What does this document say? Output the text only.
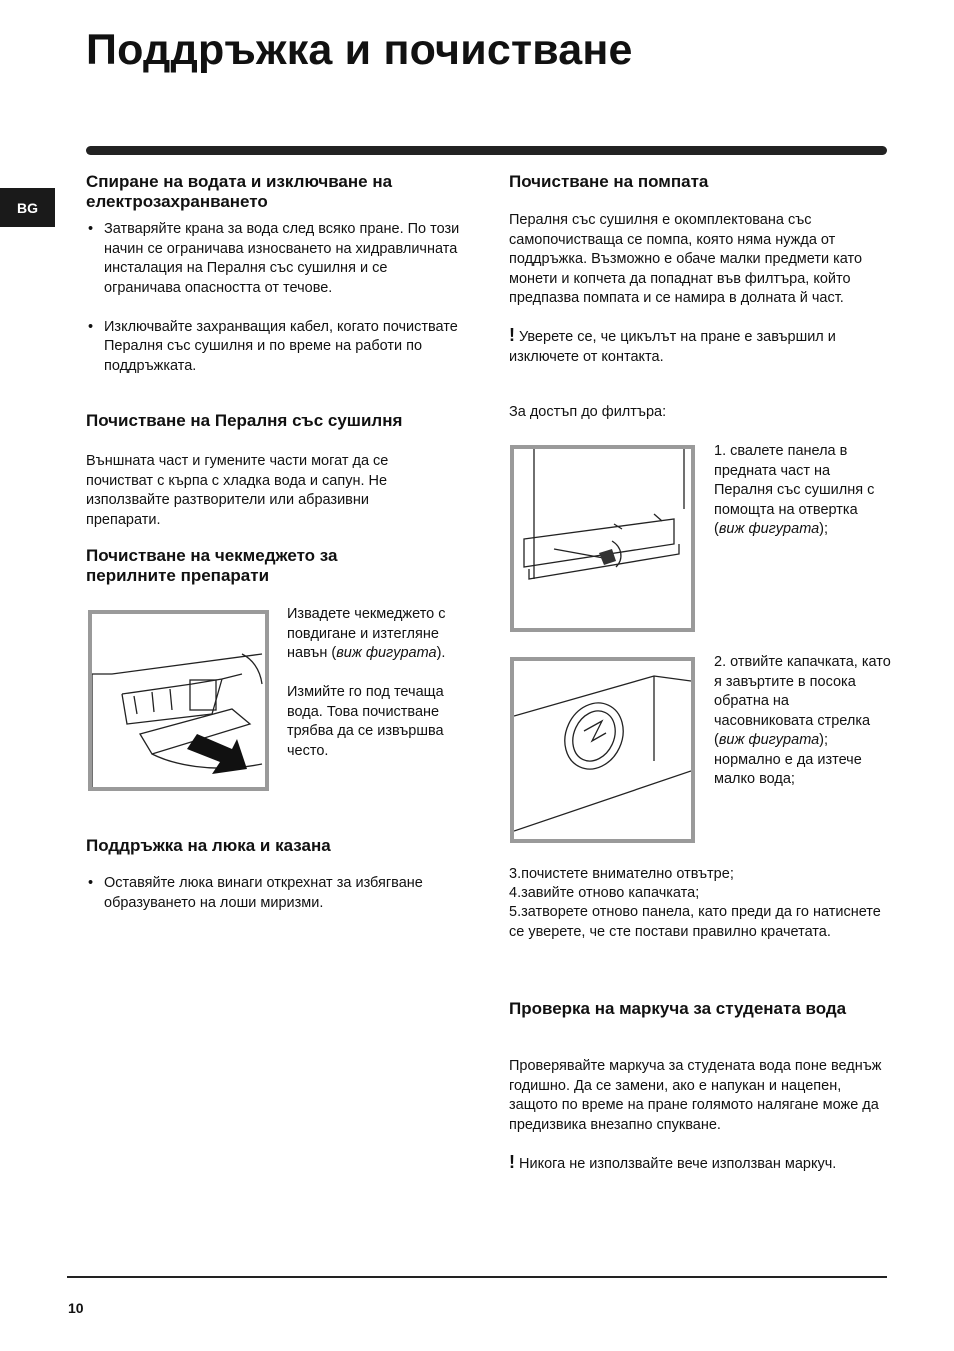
Поддръжка и почистване
BG
Спиране на водата и изключване на електрозахранването
• Затваряйте крана за вода след всяко пране. По този начин се ограничава износването на хидравличната инсталация на Пералня със сушилня и се ограничава опасността от течове.
• Изключвайте захранващия кабел, когато почиствате Пералня със сушилня и по време на работи по поддръжката.
Почистване на Пералня със сушилня

Външната част и гумените части могат да се почистват с кърпа с хладка вода и сапун. Не използвайте разтворители или абразивни препарати.

Почистване на чекмеджето за перилните препарати

Извадете чекмеджето с повдигане и изтегляне навън (виж фигурата).

Измийте го под течаща вода. Това почистване трябва да се извършва често.

Поддръжка на люка и казана
• Оставяйте люка винаги открехнат за избягване образуването на лоши миризми.
Почистване на помпата

Пералня със сушилня е окомплектована със самопочистваща се помпа, която няма нужда от поддръжка. Възможно е обаче малки предмети като монети и копчета да попаднат във филтъра, който предпазва помпата и се намира в долната й част.

! Уверете се, че цикълът на пране е завършил и изключете от контакта.

За достъп до филтъра:

1. свалете панела в предната част на Пералня със сушилня с помощта на отвертка (виж фигурата);

2. отвийте капачката, като я завъртите в посока обратна на часовниковата стрелка (виж фигурата); нормално е да изтече малко вода;

3.почистете внимателно отвътре;

4.завийте отново капачката;

5.затворете отново панела, като преди да го натиснете се уверете, че сте постави правилно крачетата.

Проверка на маркуча за студената вода

Проверявайте маркуча за студената вода поне веднъж годишно. Да се замени, ако е напукан и нацепен, защото по време на пране голямото налягане може да предизвика внезапно спукване.

! Никога не използвайте вече използван маркуч.

10
